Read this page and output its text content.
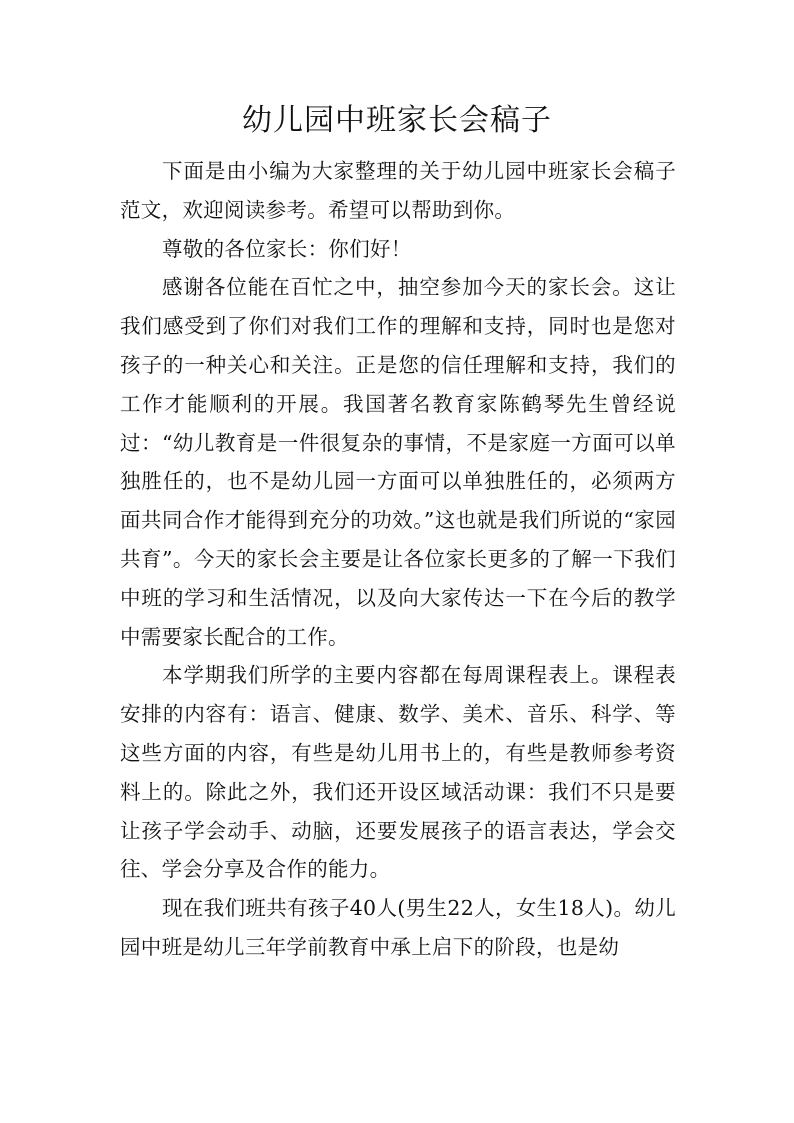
幼儿园中班家长会稿子

下面是由小编为大家整理的关于幼儿园中班家长会稿子范文，欢迎阅读参考。希望可以帮助到你。

尊敬的各位家长：你们好！

感谢各位能在百忙之中，抽空参加今天的家长会。这让我们感受到了你们对我们工作的理解和支持，同时也是您对孩子的一种关心和关注。正是您的信任理解和支持，我们的工作才能顺利的开展。我国著名教育家陈鹤琴先生曾经说过：“幼儿教育是一件很复杂的事情，不是家庭一方面可以单独胜任的，也不是幼儿园一方面可以单独胜任的，必须两方面共同合作才能得到充分的功效。”这也就是我们所说的“家园共育”。今天的家长会主要是让各位家长更多的了解一下我们中班的学习和生活情况，以及向大家传达一下在今后的教学中需要家长配合的工作。

本学期我们所学的主要内容都在每周课程表上。课程表安排的内容有：语言、健康、数学、美术、音乐、科学、等这些方面的内容，有些是幼儿用书上的，有些是教师参考资料上的。除此之外，我们还开设区域活动课：我们不只是要让孩子学会动手、动脑，还要发展孩子的语言表达，学会交往、学会分享及合作的能力。

现在我们班共有孩子40人(男生22人，女生18人)。幼儿园中班是幼儿三年学前教育中承上启下的阶段，也是幼
